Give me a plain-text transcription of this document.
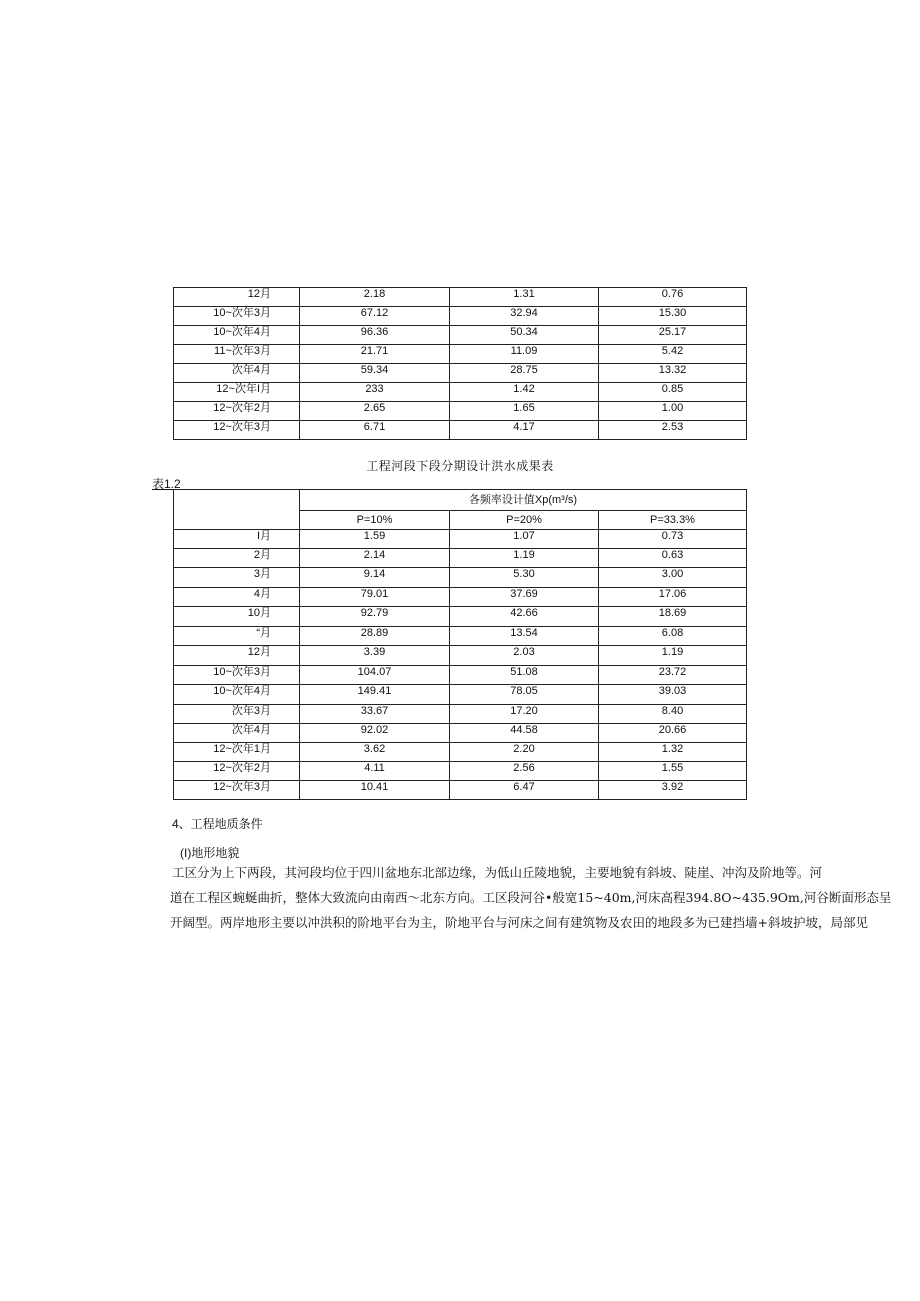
12月	2.18	1.31	0.76
10~次年3月	67.12	32.94	15.30
10~次年4月	96.36	50.34	25.17
11~次年3月	21.71	11.09	5.42
次年4月	59.34	28.75	13.32
12~次年I月	233	1.42	0.85
12~次年2月	2.65	1.65	1.00
12~次年3月	6.71	4.17	2.53
工程河段下段分期设计洪水成果表
表1.2
	各频率设计值Xp(m³/s)		
	P=10%	P=20%	P=33.3%
I月	1.59	1.07	0.73
2月	2.14	1.19	0.63
3月	9.14	5.30	3.00
4月	79.01	37.69	17.06
10月	92.79	42.66	18.69
“月	28.89	13.54	6.08
12月	3.39	2.03	1.19
10~次年3月	104.07	51.08	23.72
10~次年4月	149.41	78.05	39.03
次年3月	33.67	17.20	8.40
次年4月	92.02	44.58	20.66
12~次年1月	3.62	2.20	1.32
12~次年2月	4.11	2.56	1.55
12~次年3月	10.41	6.47	3.92
4、工程地质条件
(I)地形地貌
工区分为上下两段，其河段均位于四川盆地东北部边缘，为低山丘陵地貌，主要地貌有斜坡、陡崖、冲沟及阶地等。河
道在工程区蜿蜒曲折，整体大致流向由南西～北东方向。工区段河谷•般宽15~40m,河床高程394.8O~435.9Om,河谷断面形态呈
开阔型。两岸地形主要以冲洪积的阶地平台为主，阶地平台与河床之间有建筑物及农田的地段多为已建挡墙+斜坡护坡，局部见
